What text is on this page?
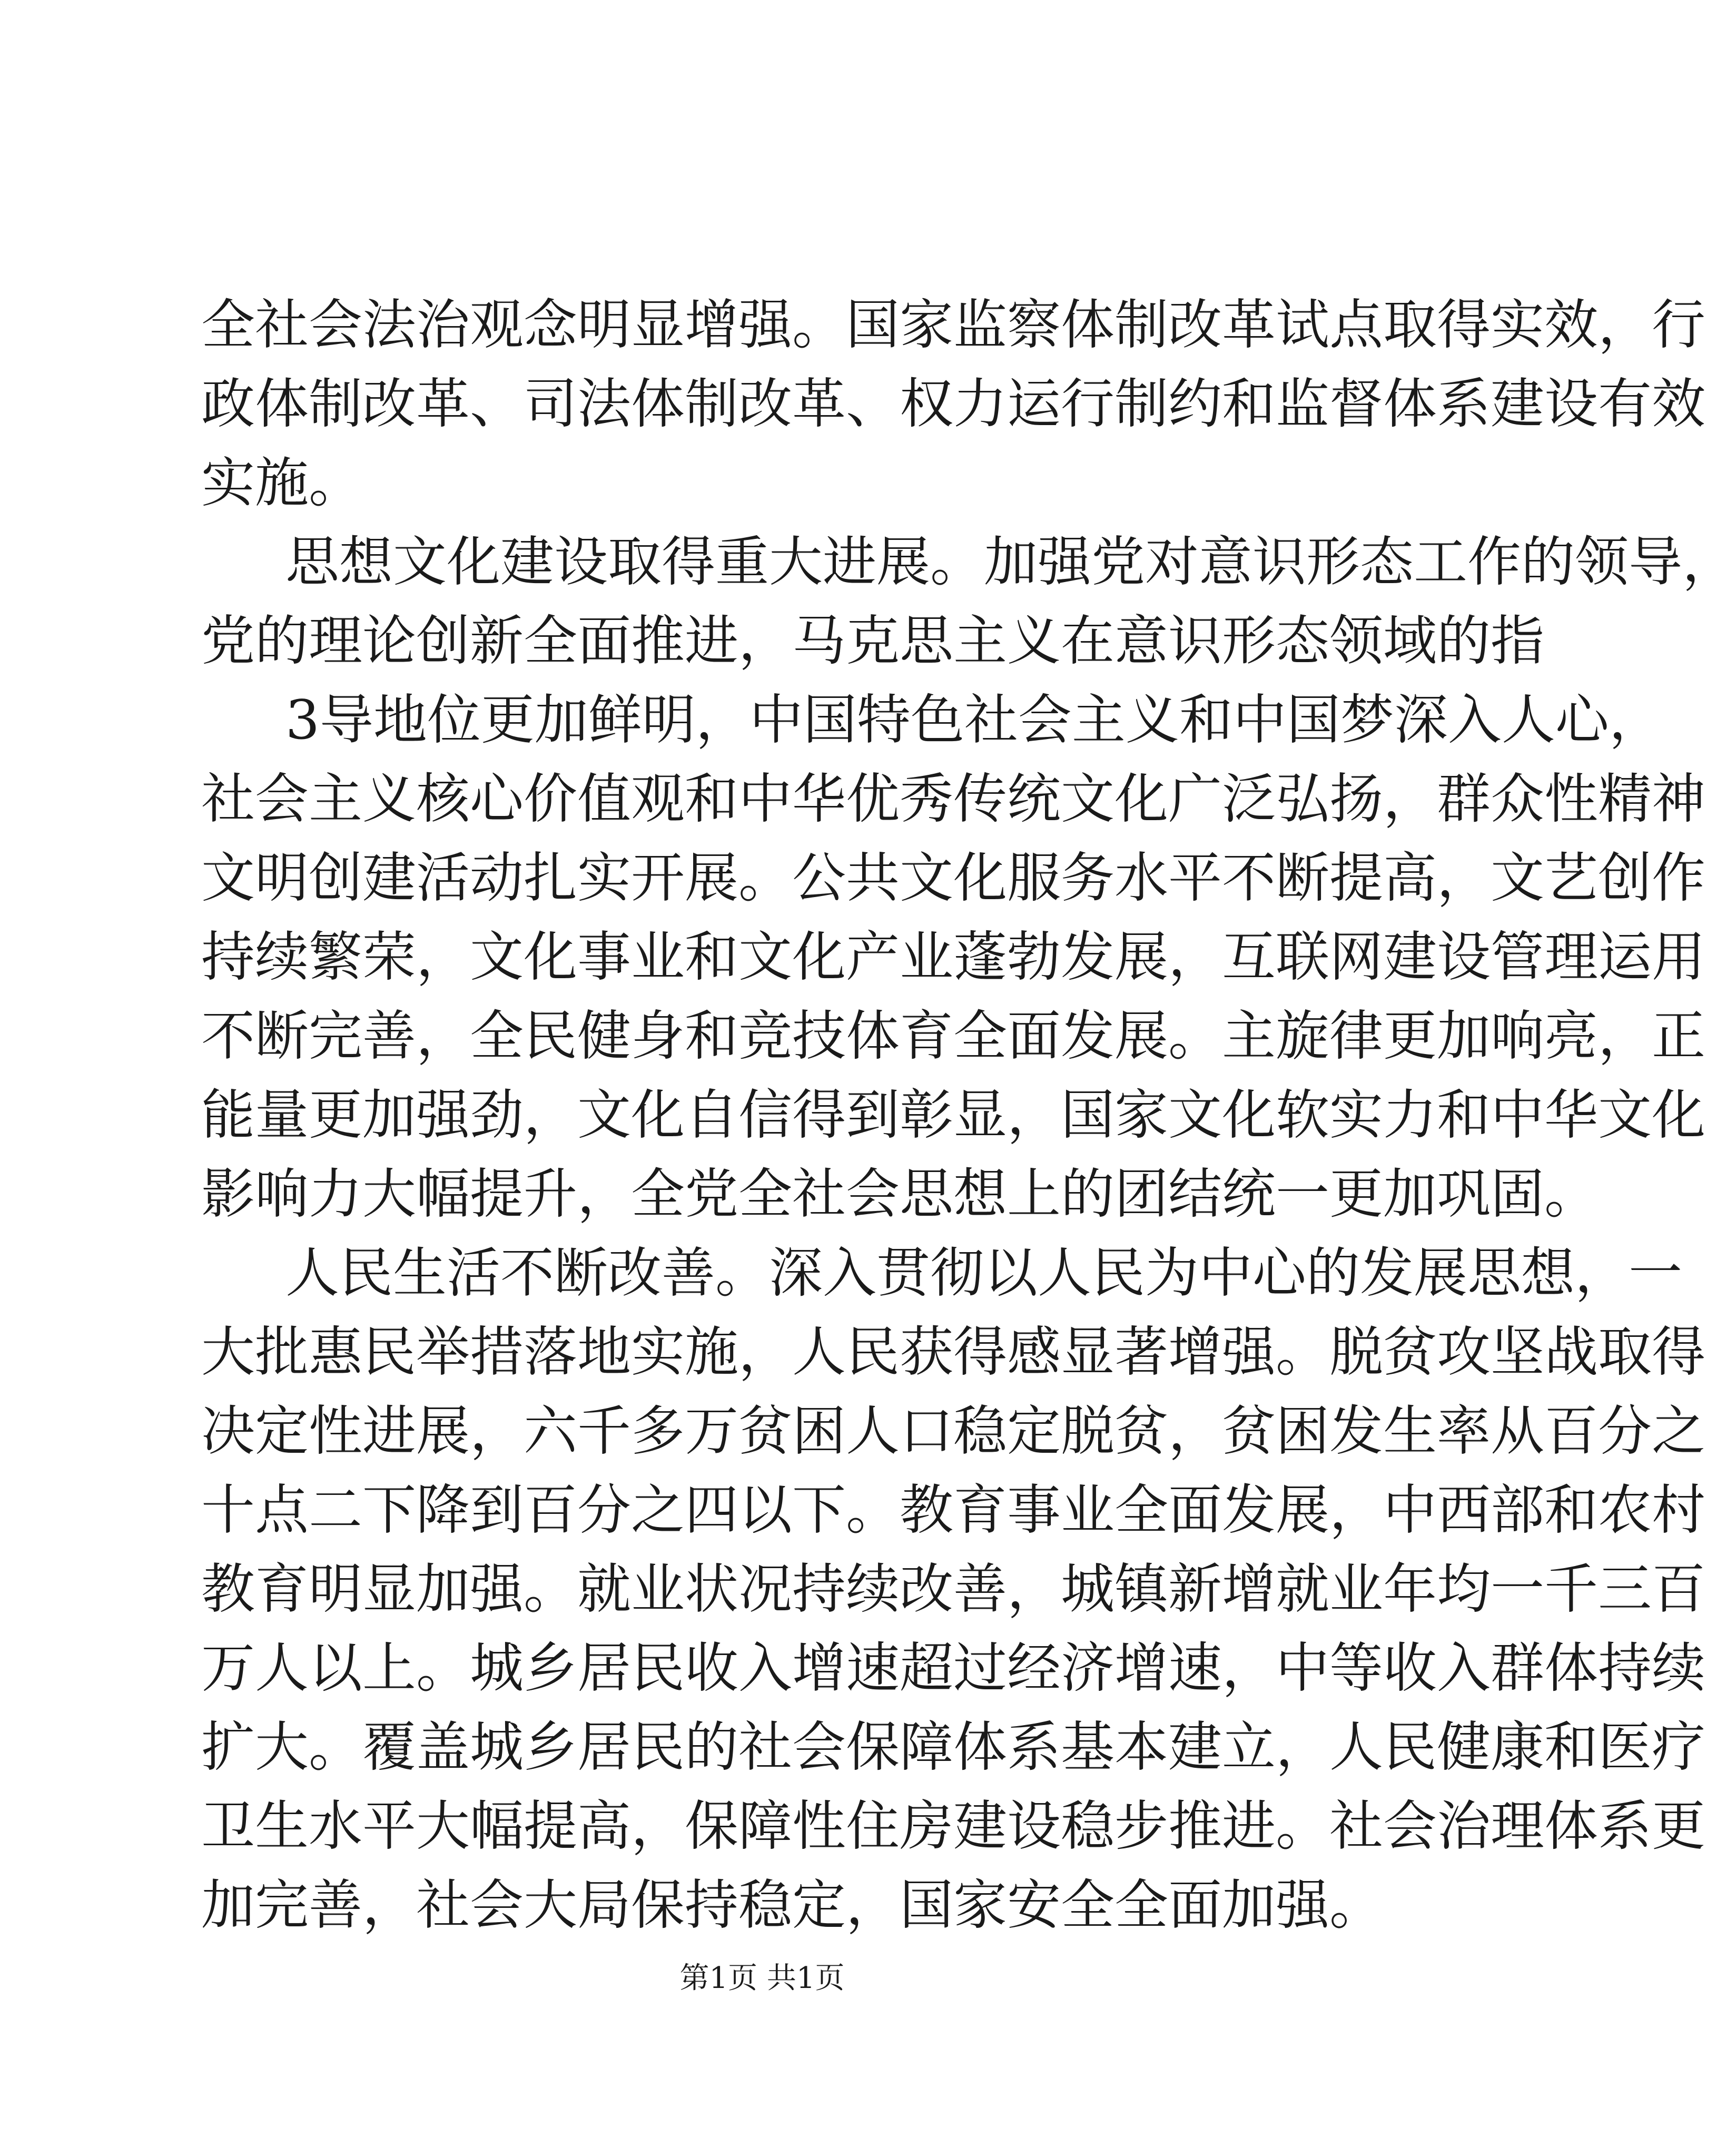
全社会法治观念明显增强。国家监察体制改革试点取得实效，行

政体制改革、司法体制改革、权力运行制约和监督体系建设有效

实施。

思想文化建设取得重大进展。加强党对意识形态工作的领导，

党的理论创新全面推进，马克思主义在意识形态领域的指

3导地位更加鲜明，中国特色社会主义和中国梦深入人心，

社会主义核心价值观和中华优秀传统文化广泛弘扬，群众性精神

文明创建活动扎实开展。公共文化服务水平不断提高，文艺创作

持续繁荣，文化事业和文化产业蓬勃发展，互联网建设管理运用

不断完善，全民健身和竞技体育全面发展。主旋律更加响亮，正

能量更加强劲，文化自信得到彰显，国家文化软实力和中华文化

影响力大幅提升，全党全社会思想上的团结统一更加巩固。

人民生活不断改善。深入贯彻以人民为中心的发展思想，一

大批惠民举措落地实施，人民获得感显著增强。脱贫攻坚战取得

决定性进展，六千多万贫困人口稳定脱贫，贫困发生率从百分之

十点二下降到百分之四以下。教育事业全面发展，中西部和农村

教育明显加强。就业状况持续改善，城镇新增就业年均一千三百

万人以上。城乡居民收入增速超过经济增速，中等收入群体持续

扩大。覆盖城乡居民的社会保障体系基本建立，人民健康和医疗

卫生水平大幅提高，保障性住房建设稳步推进。社会治理体系更

加完善，社会大局保持稳定，国家安全全面加强。

第1页 共1页
